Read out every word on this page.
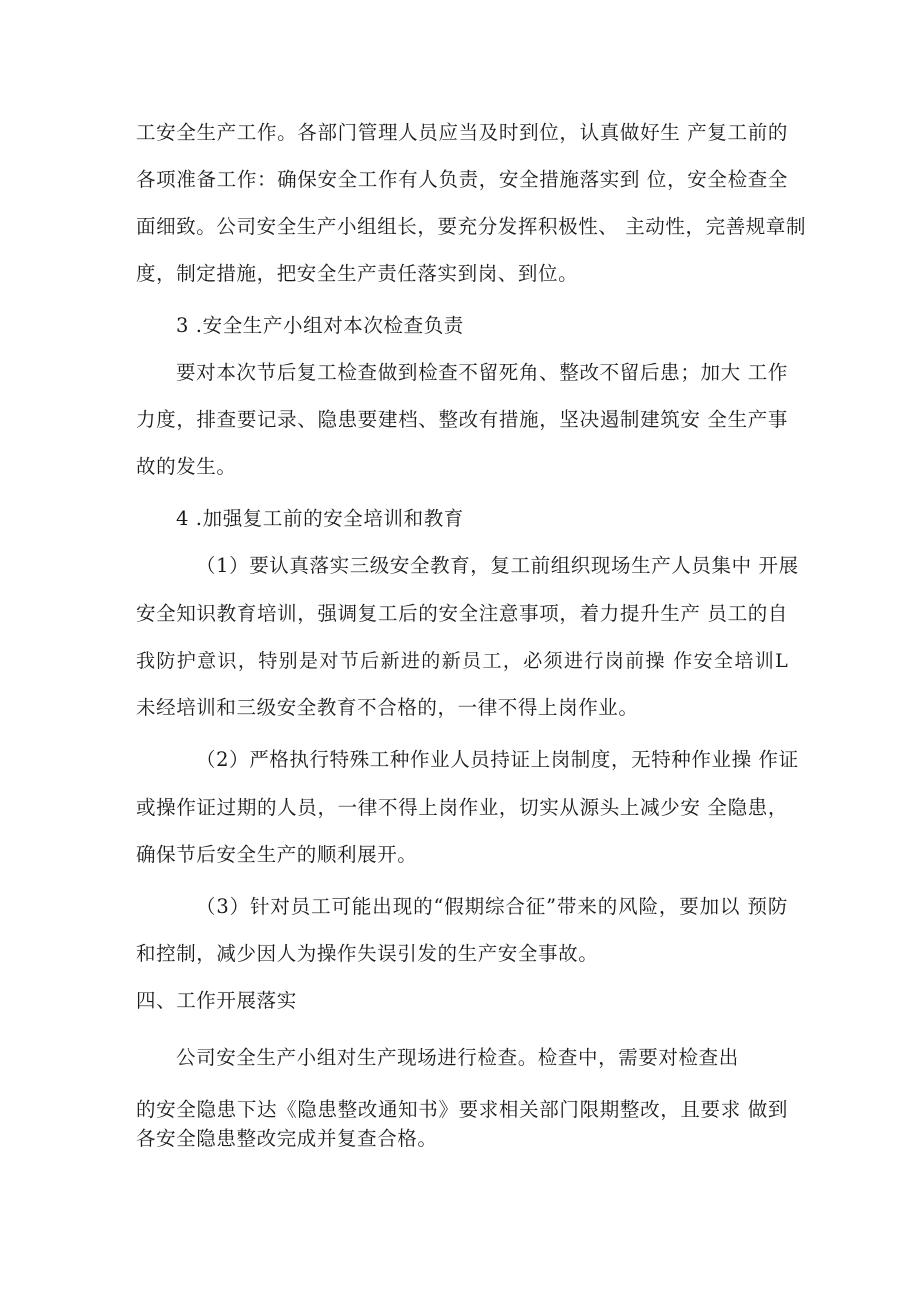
工安全生产工作。各部门管理人员应当及时到位，认真做好生 产复工前的
各项准备工作：确保安全工作有人负责，安全措施落实到 位，安全检查全
面细致。公司安全生产小组组长，要充分发挥积极性、 主动性，完善规章制
度，制定措施，把安全生产责任落实到岗、到位。
3 .安全生产小组对本次检查负责
要对本次节后复工检查做到检查不留死角、整改不留后患；加大 工作
力度，排查要记录、隐患要建档、整改有措施，坚决遏制建筑安 全生产事
故的发生。
4 .加强复工前的安全培训和教育
（1）要认真落实三级安全教育，复工前组织现场生产人员集中 开展
安全知识教育培训，强调复工后的安全注意事项，着力提升生产 员工的自
我防护意识，特别是对节后新进的新员工，必须进行岗前操 作安全培训L
未经培训和三级安全教育不合格的，一律不得上岗作业。
（2）严格执行特殊工种作业人员持证上岗制度，无特种作业操 作证
或操作证过期的人员，一律不得上岗作业，切实从源头上减少安 全隐患，
确保节后安全生产的顺利展开。
（3）针对员工可能出现的“假期综合征”带来的风险，要加以 预防
和控制，减少因人为操作失误引发的生产安全事故。
四、工作开展落实
公司安全生产小组对生产现场进行检查。检查中，需要对检查出
的安全隐患下达《隐患整改通知书》要求相关部门限期整改，且要求 做到
各安全隐患整改完成并复查合格。
